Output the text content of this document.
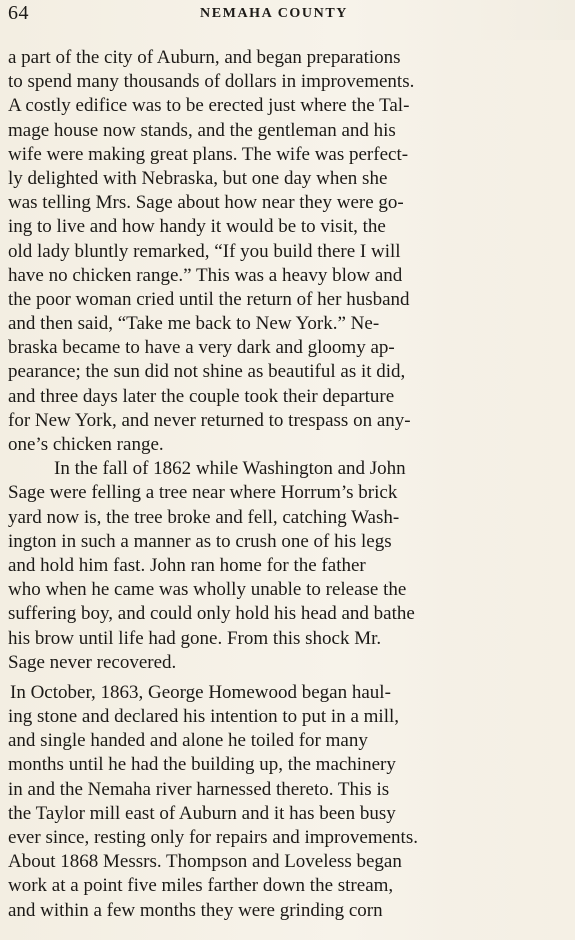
64	NEMAHA COUNTY
a part of the city of Auburn, and began preparations
to spend many thousands of dollars in improvements.
A costly edifice was to be erected just where the Tal-
mage house now stands, and the gentleman and his
wife were making great plans. The wife was perfect-
ly delighted with Nebraska, but one day when she
was telling Mrs. Sage about how near they were go-
ing to live and how handy it would be to visit, the
old lady bluntly remarked, “If you build there I will
have no chicken range.” This was a heavy blow and
the poor woman cried until the return of her husband
and then said, “Take me back to New York.” Ne-
braska became to have a very dark and gloomy ap-
pearance; the sun did not shine as beautiful as it did,
and three days later the couple took their departure
for New York, and never returned to trespass on any-
one’s chicken range.
In the fall of 1862 while Washington and John
Sage were felling a tree near where Horrum’s brick
yard now is, the tree broke and fell, catching Wash-
ington in such a manner as to crush one of his legs
and hold him fast. John ran home for the father
who when he came was wholly unable to release the
suffering boy, and could only hold his head and bathe
his brow until life had gone. From this shock Mr.
Sage never recovered.
In October, 1863, George Homewood began haul-
ing stone and declared his intention to put in a mill,
and single handed and alone he toiled for many
months until he had the building up, the machinery
in and the Nemaha river harnessed thereto. This is
the Taylor mill east of Auburn and it has been busy
ever since, resting only for repairs and improvements.
About 1868 Messrs. Thompson and Loveless began
work at a point five miles farther down the stream,
and within a few months they were grinding corn
